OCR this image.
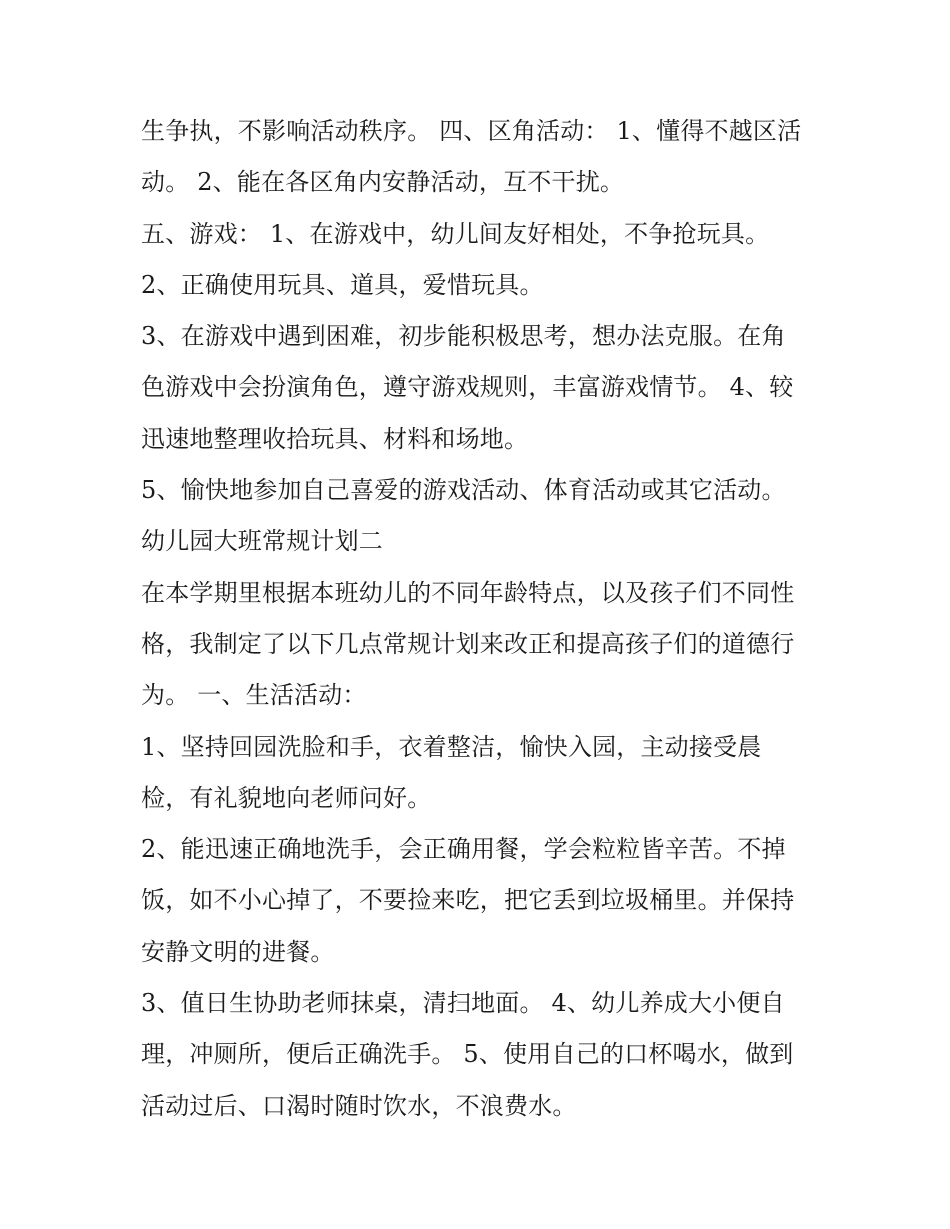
生争执，不影响活动秩序。 四、区角活动： 1、懂得不越区活
动。 2、能在各区角内安静活动，互不干扰。
五、游戏： 1、在游戏中，幼儿间友好相处，不争抢玩具。
2、正确使用玩具、道具，爱惜玩具。
3、在游戏中遇到困难，初步能积极思考，想办法克服。在角
色游戏中会扮演角色，遵守游戏规则，丰富游戏情节。 4、较
迅速地整理收拾玩具、材料和场地。
5、愉快地参加自己喜爱的游戏活动、体育活动或其它活动。
幼儿园大班常规计划二
在本学期里根据本班幼儿的不同年龄特点，以及孩子们不同性
格，我制定了以下几点常规计划来改正和提高孩子们的道德行
为。 一、生活活动：
1、坚持回园洗脸和手，衣着整洁，愉快入园，主动接受晨
检，有礼貌地向老师问好。
2、能迅速正确地洗手，会正确用餐，学会粒粒皆辛苦。不掉
饭，如不小心掉了，不要捡来吃，把它丢到垃圾桶里。并保持
安静文明的进餐。
3、值日生协助老师抹桌，清扫地面。 4、幼儿养成大小便自
理，冲厕所，便后正确洗手。 5、使用自己的口杯喝水，做到
活动过后、口渴时随时饮水，不浪费水。
